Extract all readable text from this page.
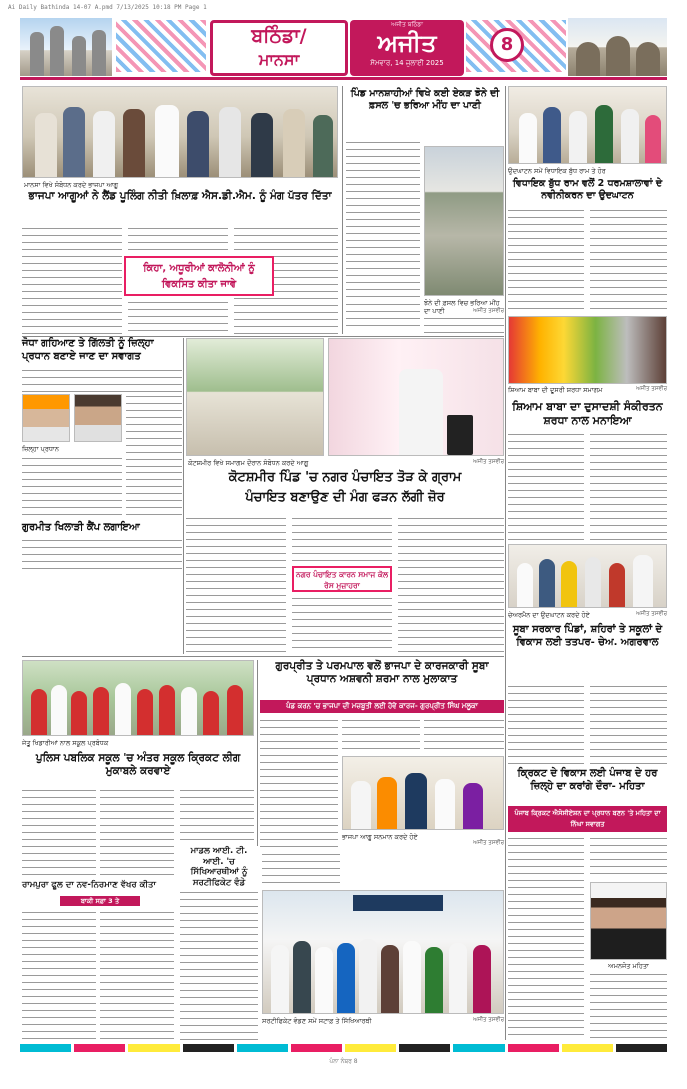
Ai Daily Bathinda 14-07 A.pmd 7/13/2025 10:18 PM Page 1
ਬਠਿੰਡਾ/
ਮਾਨਸਾ
ਅਜੀਤ ਬਠਿੰਡਾ
ਅਜੀਤ
ਸੋਮਵਾਰ, 14 ਜੁਲਾਈ 2025
8
ਮਾਨਸਾ ਵਿਖੇ ਸੰਬੋਧਨ ਕਰਦੇ ਭਾਜਪਾ ਆਗੂ
ਭਾਜਪਾ ਆਗੂਆਂ ਨੇ ਲੈਂਡ ਪੂਲਿੰਗ ਨੀਤੀ ਖ਼ਿਲਾਫ਼ ਐਸ.ਡੀ.ਐਮ. ਨੂੰ ਮੰਗ ਪੱਤਰ ਦਿੱਤਾ
ਕਿਹਾ, ਅਧੂਰੀਆਂ ਕਾਲੋਨੀਆਂ ਨੂੰ ਵਿਕਸਿਤ ਕੀਤਾ ਜਾਵੇ
ਪਿੰਡ ਮਾਨਸ਼ਾਹੀਆਂ ਵਿਖੇ ਕਈ ਏਕੜ ਝੋਨੇ ਦੀ ਫ਼ਸਲ 'ਚ ਭਰਿਆ ਮੀਂਹ ਦਾ ਪਾਣੀ
ਝੋਨੇ ਦੀ ਫ਼ਸਲ ਵਿਚ ਭਰਿਆ ਮੀਂਹ ਦਾ ਪਾਣੀ	ਅਜੀਤ ਤਸਵੀਰ
ਉਦਘਾਟਨ ਸਮੇਂ ਵਿਧਾਇਕ ਬੁੱਧ ਰਾਮ ਤੇ ਹੋਰ
ਵਿਧਾਇਕ ਬੁੱਧ ਰਾਮ ਵਲੋਂ 2 ਧਰਮਸ਼ਾਲਾਵਾਂ ਦੇ ਨਵੀਨੀਕਰਨ ਦਾ ਉਦਘਾਟਨ
ਜੋਧਾ ਗਹਿਆਣ ਤੇ ਗਿੱਲਤੀ ਨੂੰ ਜ਼ਿਲ੍ਹਾ ਪ੍ਰਧਾਨ ਬਣਾਏ ਜਾਣ ਦਾ ਸਵਾਗਤ
ਜ਼ਿਲ੍ਹਾ ਪ੍ਰਧਾਨ
ਕੋਟਸ਼ਮੀਰ ਵਿਖੇ ਸਮਾਗਮ ਦੌਰਾਨ ਸੰਬੋਧਨ ਕਰਦੇ ਆਗੂ	ਅਜੀਤ ਤਸਵੀਰ
ਕੋਟਸ਼ਮੀਰ ਪਿੰਡ 'ਚ ਨਗਰ ਪੰਚਾਇਤ ਤੋੜ ਕੇ ਗ੍ਰਾਮ
ਪੰਚਾਇਤ ਬਣਾਉਣ ਦੀ ਮੰਗ ਫੜਨ ਲੱਗੀ ਜ਼ੋਰ
ਨਗਰ ਪੰਚਾਇਤ ਕਾਰਨ ਸਮਾਜ ਕੋਲ ਰੋਸ ਮੁਜ਼ਾਹਰਾ
ਸ਼ਿਆਮ ਬਾਬਾ ਦੀ ਦੂਸਰੀ ਸ਼ਰਧਾ ਸਮਾਗਮ	ਅਜੀਤ ਤਸਵੀਰ
ਸ਼ਿਆਮ ਬਾਬਾ ਦਾ ਦੁਸਾਦਸ਼ੀ ਸੰਕੀਰਤਨ ਸ਼ਰਧਾ ਨਾਲ ਮਨਾਇਆ
ਗੁਰਮੀਤ ਖਿਲਾੜੀ ਕੈਂਪ ਲਗਾਇਆ
ਚੇਅਰਮੈਨ ਦਾ ਉਦਘਾਟਨ ਕਰਦੇ ਹੋਏ	ਅਜੀਤ ਤਸਵੀਰ
ਸੂਬਾ ਸਰਕਾਰ ਪਿੰਡਾਂ, ਸ਼ਹਿਰਾਂ ਤੇ ਸਕੂਲਾਂ ਦੇ ਵਿਕਾਸ ਲਈ ਤਤਪਰ- ਚੇਅ. ਅਗਰਵਾਲ
ਗੁਰਪ੍ਰੀਤ ਤੇ ਪਰਮਪਾਲ ਵਲੋਂ ਭਾਜਪਾ ਦੇ ਕਾਰਜਕਾਰੀ ਸੂਬਾ ਪ੍ਰਧਾਨ ਅਸ਼ਵਨੀ ਸ਼ਰਮਾ ਨਾਲ ਮੁਲਾਕਾਤ
ਪੰਡ ਕਰਨ 'ਚ ਭਾਜਪਾ ਦੀ ਮਜ਼ਬੂਤੀ ਲਈ ਹੋਵੇ ਕਾਰਜ- ਗੁਰਪ੍ਰੀਤ ਸਿੰਘ ਮਲੂਕਾ
ਭਾਜਪਾ ਆਗੂ ਸਨਮਾਨ ਕਰਦੇ ਹੋਏ
ਅਜੀਤ ਤਸਵੀਰ
ਜੇਤੂ ਖਿਡਾਰੀਆਂ ਨਾਲ ਸਕੂਲ ਪ੍ਰਬੰਧਕ
ਪੁਲਿਸ ਪਬਲਿਕ ਸਕੂਲ 'ਚ ਅੰਤਰ ਸਕੂਲ ਕ੍ਰਿਕਟ ਲੀਗ ਮੁਕਾਬਲੇ ਕਰਵਾਏ
ਮਾਡਲ ਆਈ. ਟੀ. ਆਈ. 'ਚ ਸਿੱਖਿਆਰਥੀਆਂ ਨੂੰ ਸਰਟੀਫਿਕੇਟ ਵੰਡੇ
ਸਰਟੀਫਿਕੇਟ ਵੰਡਣ ਸਮੇਂ ਸਟਾਫ਼ ਤੇ ਸਿੱਖਿਆਰਥੀ	ਅਜੀਤ ਤਸਵੀਰ
ਰਾਮਪੁਰਾ ਫੂਲ ਦਾ ਨਵ-ਨਿਰਮਾਣ ਵੱਖਰ ਕੀਤਾ
ਬਾਕੀ ਸਫ਼ਾ 3 ਤੇ
ਕ੍ਰਿਕਟ ਦੇ ਵਿਕਾਸ ਲਈ ਪੰਜਾਬ ਦੇ ਹਰ ਜ਼ਿਲ੍ਹੇ ਦਾ ਕਰਾਂਗੇ ਦੌਰਾ- ਮਹਿਤਾ
ਪੰਜਾਬ ਕ੍ਰਿਕਟ ਐਸੋਸੀਏਸ਼ਨ ਦਾ ਪ੍ਰਧਾਨ ਬਣਨ 'ਤੇ ਮਹਿਤਾ ਦਾ ਨਿੱਘਾ ਸਵਾਗਤ
ਅਮਨਜੋਤ ਮਹਿਤਾ
ਪੰਨਾ ਨੰਬਰ 8
